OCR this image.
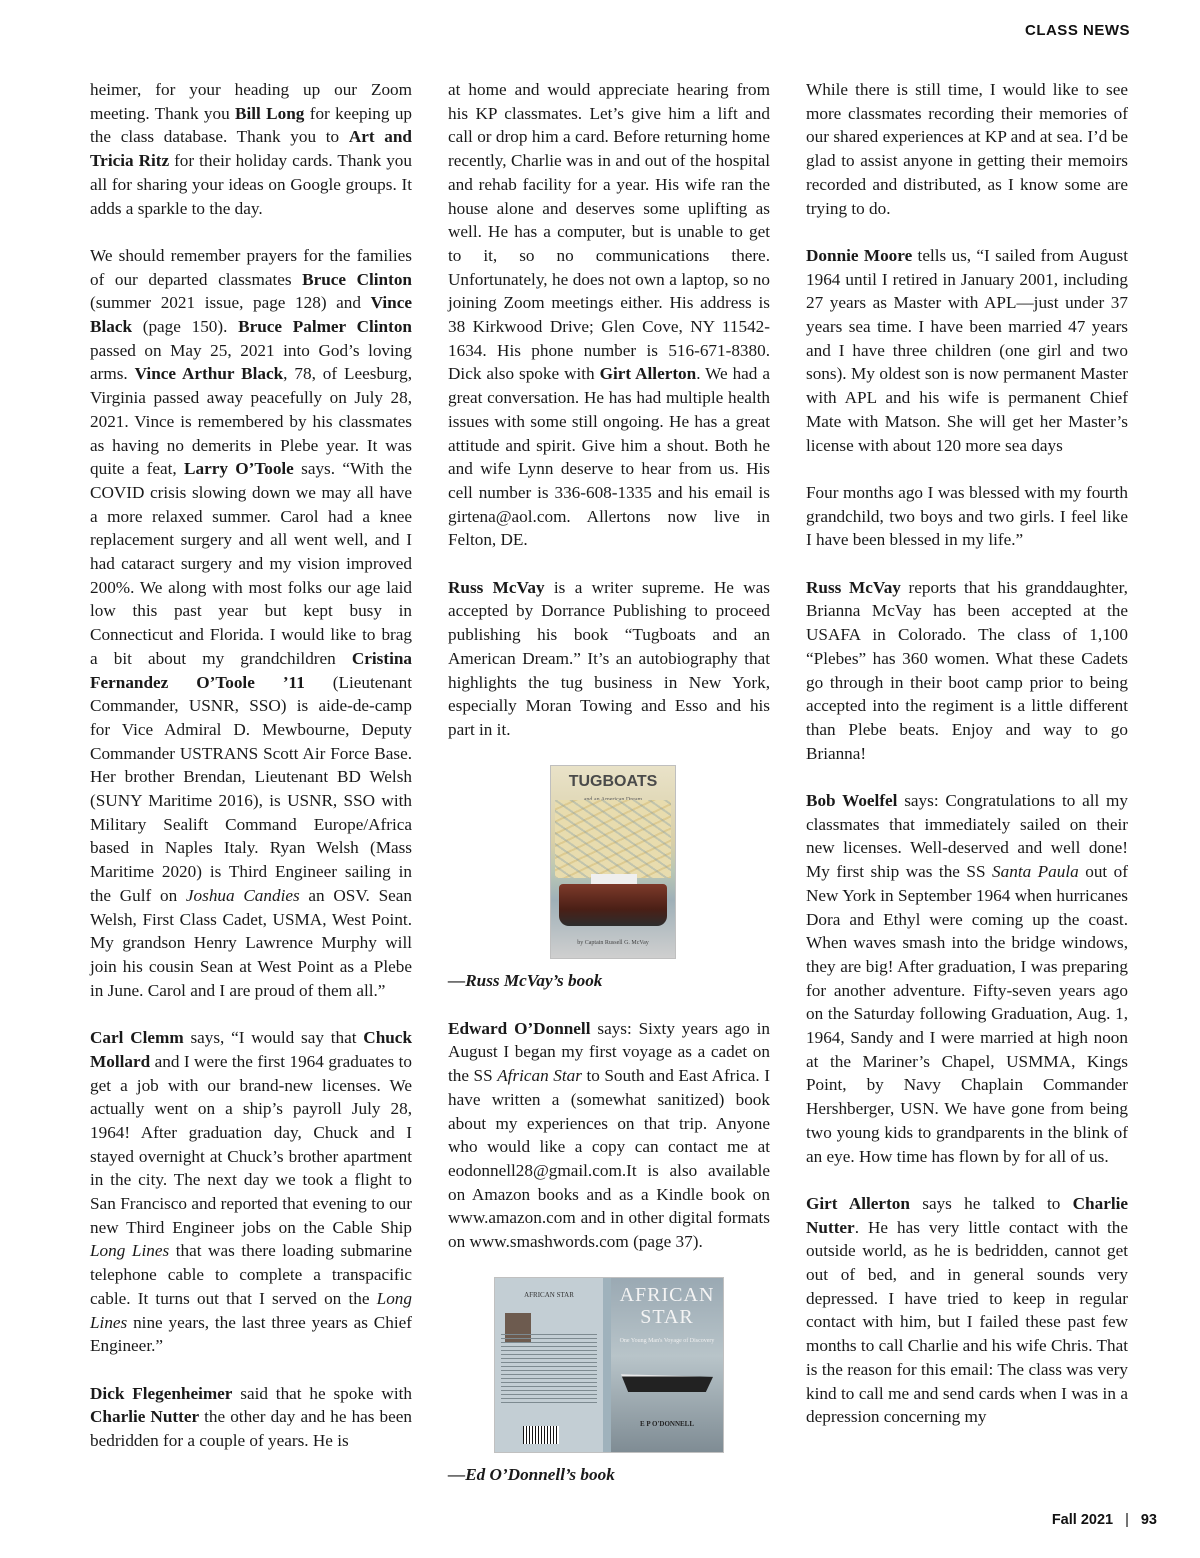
CLASS NEWS

heimer, for your heading up our Zoom meeting. Thank you Bill Long for keeping up the class database. Thank you to Art and Tricia Ritz for their holiday cards. Thank you all for sharing your ideas on Google groups. It adds a sparkle to the day.

We should remember prayers for the families of our departed classmates Bruce Clinton (summer 2021 issue, page 128) and Vince Black (page 150). Bruce Palmer Clinton passed on May 25, 2021 into God’s loving arms. Vince Arthur Black, 78, of Leesburg, Virginia passed away peacefully on July 28, 2021. Vince is remembered by his classmates as having no demerits in Plebe year. It was quite a feat, Larry O’Toole says. “With the COVID crisis slowing down we may all have a more relaxed summer. Carol had a knee replacement surgery and all went well, and I had cataract surgery and my vision improved 200%. We along with most folks our age laid low this past year but kept busy in Connecticut and Florida. I would like to brag a bit about my grandchildren Cristina Fernandez O’Toole ’11 (Lieutenant Commander, USNR, SSO) is aide-de-camp for Vice Admiral D. Mewbourne, Deputy Commander USTRANS Scott Air Force Base. Her brother Brendan, Lieutenant BD Welsh (SUNY Maritime 2016), is USNR, SSO with Military Sealift Command Europe/Africa based in Naples Italy. Ryan Welsh (Mass Maritime 2020) is Third Engineer sailing in the Gulf on Joshua Candies an OSV. Sean Welsh, First Class Cadet, USMA, West Point. My grandson Henry Lawrence Murphy will join his cousin Sean at West Point as a Plebe in June. Carol and I are proud of them all.”

Carl Clemm says, “I would say that Chuck Mollard and I were the first 1964 graduates to get a job with our brand-new licenses. We actually went on a ship’s payroll July 28, 1964! After graduation day, Chuck and I stayed overnight at Chuck’s brother apartment in the city. The next day we took a flight to San Francisco and reported that evening to our new Third Engineer jobs on the Cable Ship Long Lines that was there loading submarine telephone cable to complete a transpacific cable. It turns out that I served on the Long Lines nine years, the last three years as Chief Engineer.”

Dick Flegenheimer said that he spoke with Charlie Nutter the other day and he has been bedridden for a couple of years. He is

at home and would appreciate hearing from his KP classmates. Let’s give him a lift and call or drop him a card. Before returning home recently, Charlie was in and out of the hospital and rehab facility for a year. His wife ran the house alone and deserves some uplifting as well. He has a computer, but is unable to get to it, so no communications there. Unfortunately, he does not own a laptop, so no joining Zoom meetings either. His address is 38 Kirkwood Drive; Glen Cove, NY 11542-1634. His phone number is 516-671-8380. Dick also spoke with Girt Allerton. We had a great conversation. He has had multiple health issues with some still ongoing. He has a great attitude and spirit. Give him a shout. Both he and wife Lynn deserve to hear from us. His cell number is 336-608-1335 and his email is girtena@aol.com. Allertons now live in Felton, DE.

Russ McVay is a writer supreme. He was accepted by Dorrance Publishing to proceed publishing his book “Tugboats and an American Dream.” It’s an autobiography that highlights the tug business in New York, especially Moran Towing and Esso and his part in it.

TUGBOATS
by Captain Russell G. McVay
—Russ McVay’s book

Edward O’Donnell says: Sixty years ago in August I began my first voyage as a cadet on the SS African Star to South and East Africa. I have written a (somewhat sanitized) book about my experiences on that trip. Anyone who would like a copy can contact me at eodonnell28@gmail.com.It is also available on Amazon books and as a Kindle book on www.amazon.com and in other digital formats on www.smashwords.com (page 37).

AFRICAN STAR	AFRICAN
STAR
One Young Man's Voyage of Discovery
E P O'DONNELL
—Ed O’Donnell’s book

While there is still time, I would like to see more classmates recording their memories of our shared experiences at KP and at sea. I’d be glad to assist anyone in getting their memoirs recorded and distributed, as I know some are trying to do.

Donnie Moore tells us, “I sailed from August 1964 until I retired in January 2001, including 27 years as Master with APL—just under 37 years sea time. I have been married 47 years and I have three children (one girl and two sons). My oldest son is now permanent Master with APL and his wife is permanent Chief Mate with Matson. She will get her Master’s license with about 120 more sea days

Four months ago I was blessed with my fourth grandchild, two boys and two girls. I feel like I have been blessed in my life.”

Russ McVay reports that his granddaughter, Brianna McVay has been accepted at the USAFA in Colorado. The class of 1,100 “Plebes” has 360 women. What these Cadets go through in their boot camp prior to being accepted into the regiment is a little different than Plebe beats. Enjoy and way to go Brianna!

Bob Woelfel says: Congratulations to all my classmates that immediately sailed on their new licenses. Well-deserved and well done! My first ship was the SS Santa Paula out of New York in September 1964 when hurricanes Dora and Ethyl were coming up the coast. When waves smash into the bridge windows, they are big! After graduation, I was preparing for another adventure. Fifty-seven years ago on the Saturday following Graduation, Aug. 1, 1964, Sandy and I were married at high noon at the Mariner’s Chapel, USMMA, Kings Point, by Navy Chaplain Commander Hershberger, USN. We have gone from being two young kids to grandparents in the blink of an eye. How time has flown by for all of us.

Girt Allerton says he talked to Charlie Nutter. He has very little contact with the outside world, as he is bedridden, cannot get out of bed, and in general sounds very depressed. I have tried to keep in regular contact with him, but I failed these past few months to call Charlie and his wife Chris. That is the reason for this email: The class was very kind to call me and send cards when I was in a depression concerning my

Fall 2021 | 93
